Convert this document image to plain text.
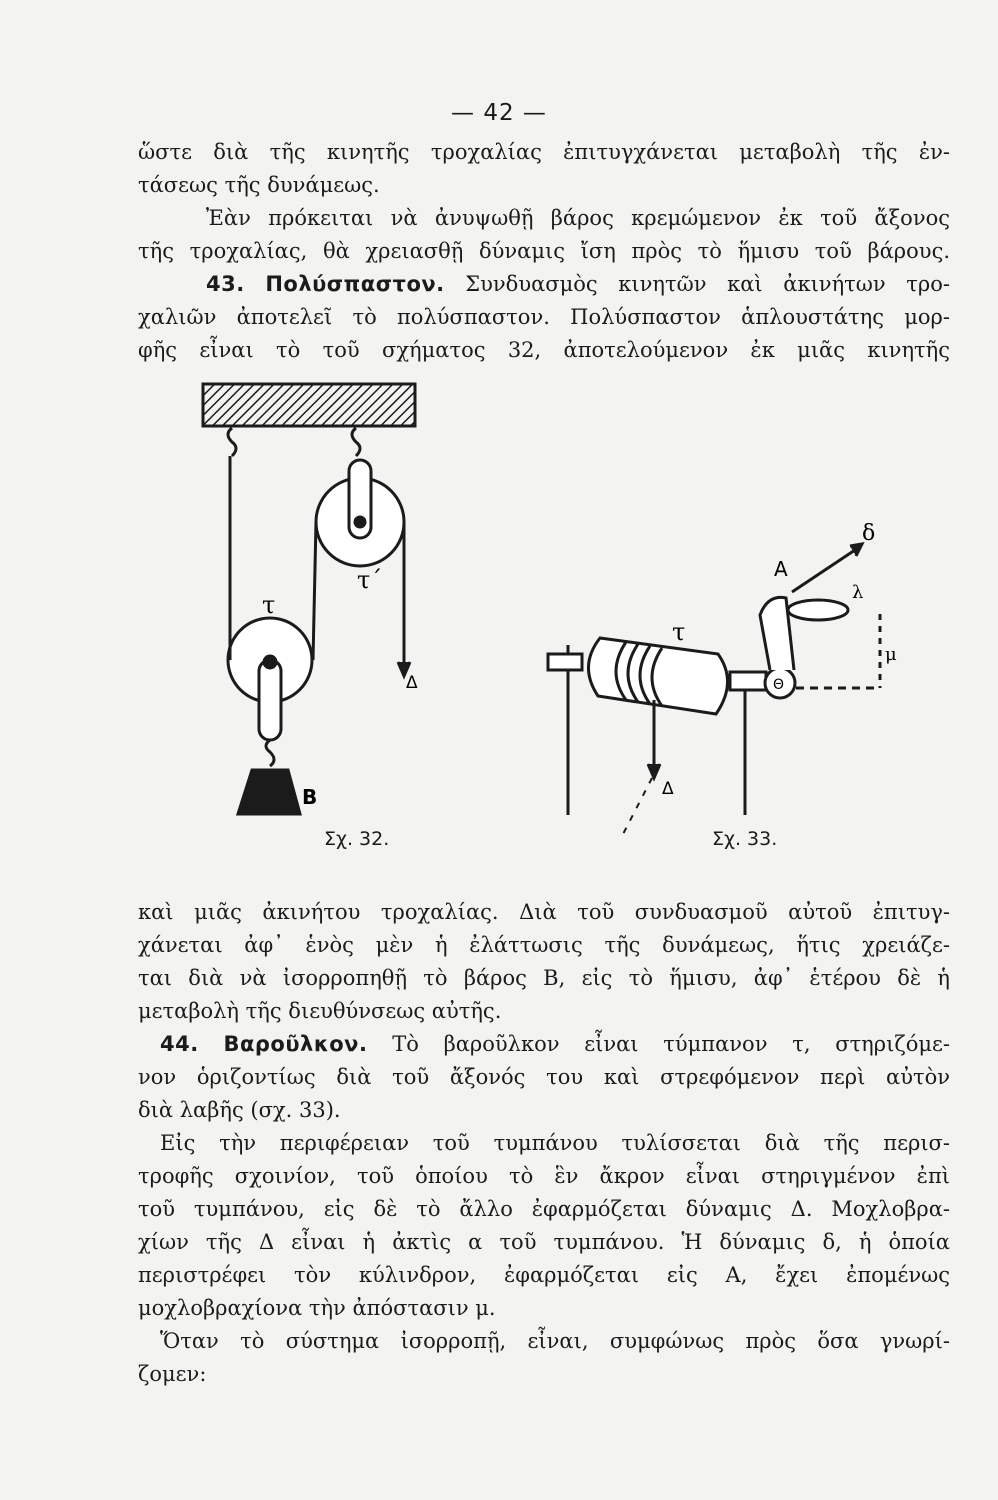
— 42 —

ὥστε διὰ τῆς κινητῆς τροχαλίας ἐπιτυγχάνεται μεταβολὴ τῆς ἐν-

τάσεως τῆς δυνάμεως.

Ἐὰν πρόκειται νὰ ἀνυψωθῇ βάρος κρεμώμενον ἐκ τοῦ ἄξονος

τῆς τροχαλίας, θὰ χρειασθῇ δύναμις ἴση πρὸς τὸ ἥμισυ τοῦ βάρους.

43. Πολύσπαστον. Συνδυασμὸς κινητῶν καὶ ἀκινήτων τρο-

χαλιῶν ἀποτελεῖ τὸ πολύσπαστον. Πολύσπαστον ἁπλουστάτης μορ-

φῆς εἶναι τὸ τοῦ σχήματος 32, ἀποτελούμενον ἐκ μιᾶς κινητῆς

τ
τ΄
Δ
Β
τ
Δ
δ
Α
Θ
λ
μ
Σχ. 32.	Σχ. 33.

καὶ μιᾶς ἀκινήτου τροχαλίας. Διὰ τοῦ συνδυασμοῦ αὐτοῦ ἐπιτυγ-

χάνεται ἀφ᾿ ἑνὸς μὲν ἡ ἐλάττωσις τῆς δυνάμεως, ἥτις χρειάζε-

ται διὰ νὰ ἰσορροπηθῇ τὸ βάρος Β, εἰς τὸ ἥμισυ, ἀφ᾿ ἑτέρου δὲ ἡ

μεταβολὴ τῆς διευθύνσεως αὐτῆς.

44. Βαροῦλκον. Τὸ βαροῦλκον εἶναι τύμπανον τ, στηριζόμε-

νον ὁριζοντίως διὰ τοῦ ἄξονός του καὶ στρεφόμενον περὶ αὐτὸν

διὰ λαβῆς (σχ. 33).

Εἰς τὴν περιφέρειαν τοῦ τυμπάνου τυλίσσεται διὰ τῆς περισ-

τροφῆς σχοινίον, τοῦ ὁποίου τὸ ἓν ἄκρον εἶναι στηριγμένον ἐπὶ

τοῦ τυμπάνου, εἰς δὲ τὸ ἄλλο ἐφαρμόζεται δύναμις Δ. Μοχλοβρα-

χίων τῆς Δ εἶναι ἡ ἀκτὶς α τοῦ τυμπάνου. Ἡ δύναμις δ, ἡ ὁποία

περιστρέφει τὸν κύλινδρον, ἐφαρμόζεται εἰς Α, ἔχει ἐπομένως

μοχλοβραχίονα τὴν ἀπόστασιν μ.

Ὅταν τὸ σύστημα ἰσορροπῇ, εἶναι, συμφώνως πρὸς ὅσα γνωρί-

ζομεν:
